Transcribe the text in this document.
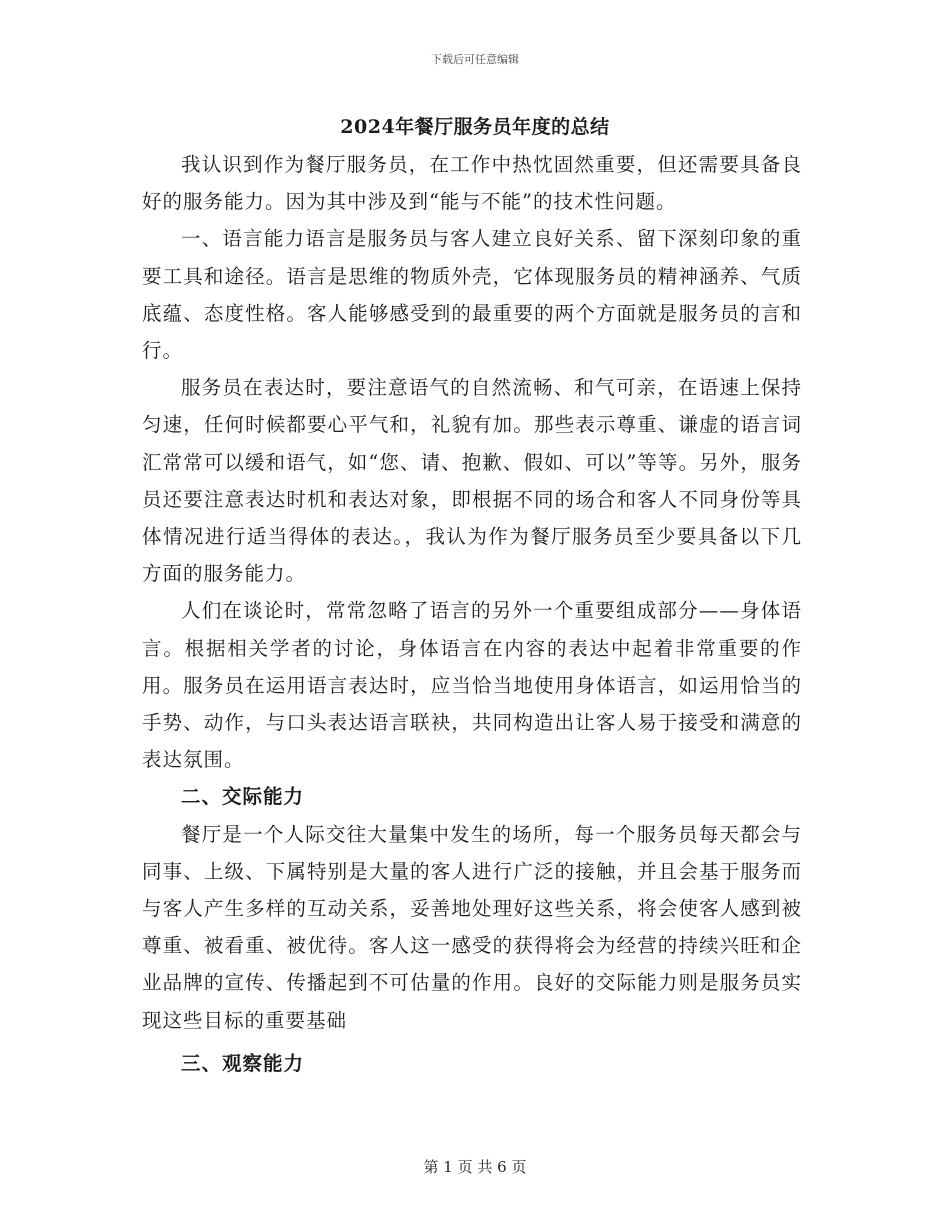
下载后可任意编辑
2024年餐厅服务员年度的总结

我认识到作为餐厅服务员，在工作中热忱固然重要，但还需要具备良好的服务能力。因为其中涉及到“能与不能”的技术性问题。

一、语言能力语言是服务员与客人建立良好关系、留下深刻印象的重要工具和途径。语言是思维的物质外壳，它体现服务员的精神涵养、气质底蕴、态度性格。客人能够感受到的最重要的两个方面就是服务员的言和行。

服务员在表达时，要注意语气的自然流畅、和气可亲，在语速上保持匀速，任何时候都要心平气和，礼貌有加。那些表示尊重、谦虚的语言词汇常常可以缓和语气，如“您、请、抱歉、假如、可以”等等。另外，服务员还要注意表达时机和表达对象，即根据不同的场合和客人不同身份等具体情况进行适当得体的表达。，我认为作为餐厅服务员至少要具备以下几方面的服务能力。

人们在谈论时，常常忽略了语言的另外一个重要组成部分——身体语言。根据相关学者的讨论，身体语言在内容的表达中起着非常重要的作用。服务员在运用语言表达时，应当恰当地使用身体语言，如运用恰当的手势、动作，与口头表达语言联袂，共同构造出让客人易于接受和满意的表达氛围。

二、交际能力

餐厅是一个人际交往大量集中发生的场所，每一个服务员每天都会与同事、上级、下属特别是大量的客人进行广泛的接触，并且会基于服务而与客人产生多样的互动关系，妥善地处理好这些关系，将会使客人感到被尊重、被看重、被优待。客人这一感受的获得将会为经营的持续兴旺和企业品牌的宣传、传播起到不可估量的作用。良好的交际能力则是服务员实现这些目标的重要基础

三、观察能力

第 1 页 共 6 页
